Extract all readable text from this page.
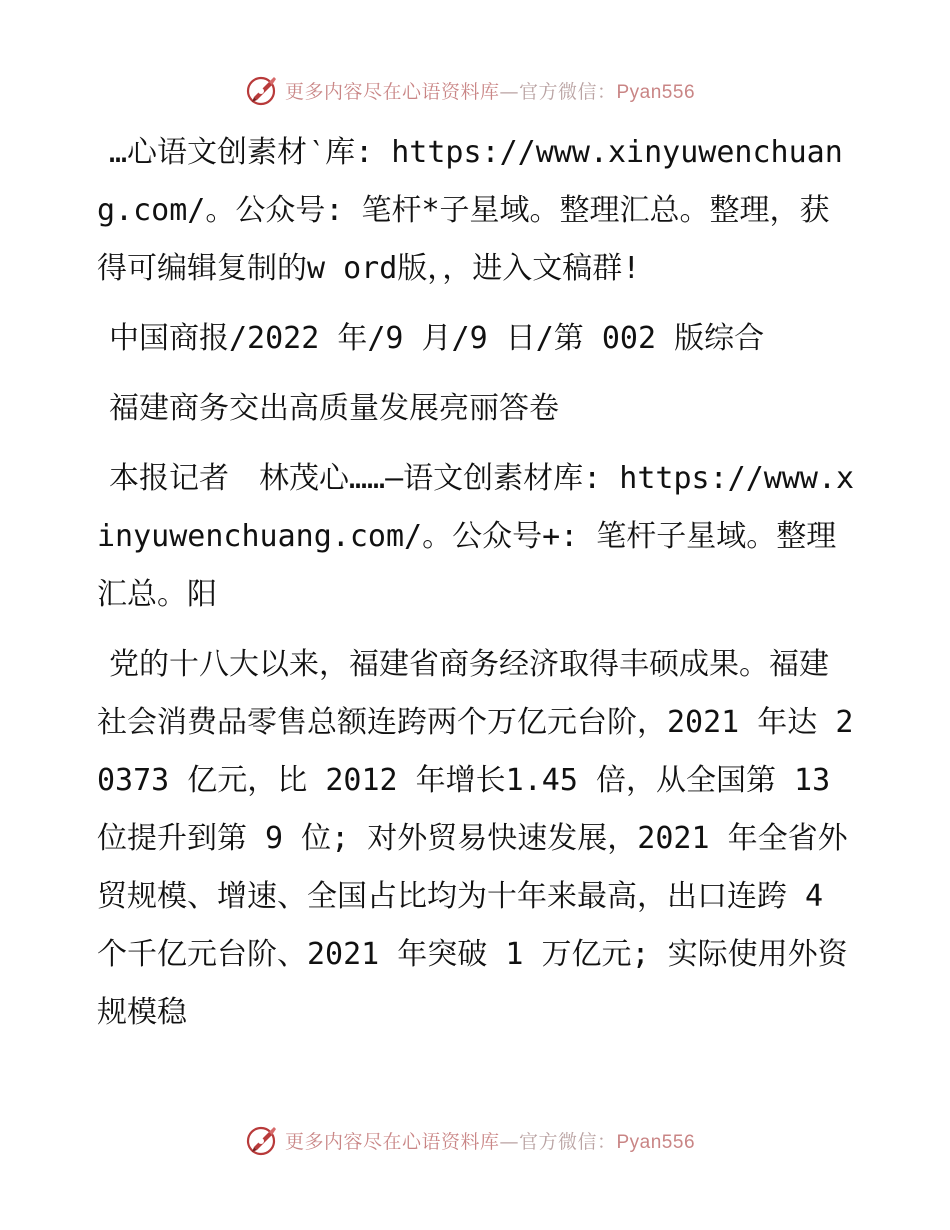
更多内容尽在心语资料库—官方微信：Pyan556

…心语文创素材‵库: https://www.xinyuwenchuang.com/。公众号: 笔杆*子星域。整理汇总。整理，获得可编辑复制的w ord版，，进入文稿群!

中国商报/2022 年/9 月/9 日/第 002 版综合

福建商务交出高质量发展亮丽答卷

本报记者　林茂心……—语文创素材库: https://www.xinyuwenchuang.com/。公众号+: 笔杆子星域。整理汇总。阳

党的十八大以来，福建省商务经济取得丰硕成果。福建社会消费品零售总额连跨两个万亿元台阶，2021 年达 20373 亿元，比 2012 年增长1.45 倍，从全国第 13 位提升到第 9 位; 对外贸易快速发展，2021 年全省外贸规模、增速、全国占比均为十年来最高，出口连跨 4 个千亿元台阶、2021 年突破 1 万亿元; 实际使用外资规模稳

更多内容尽在心语资料库—官方微信：Pyan556
